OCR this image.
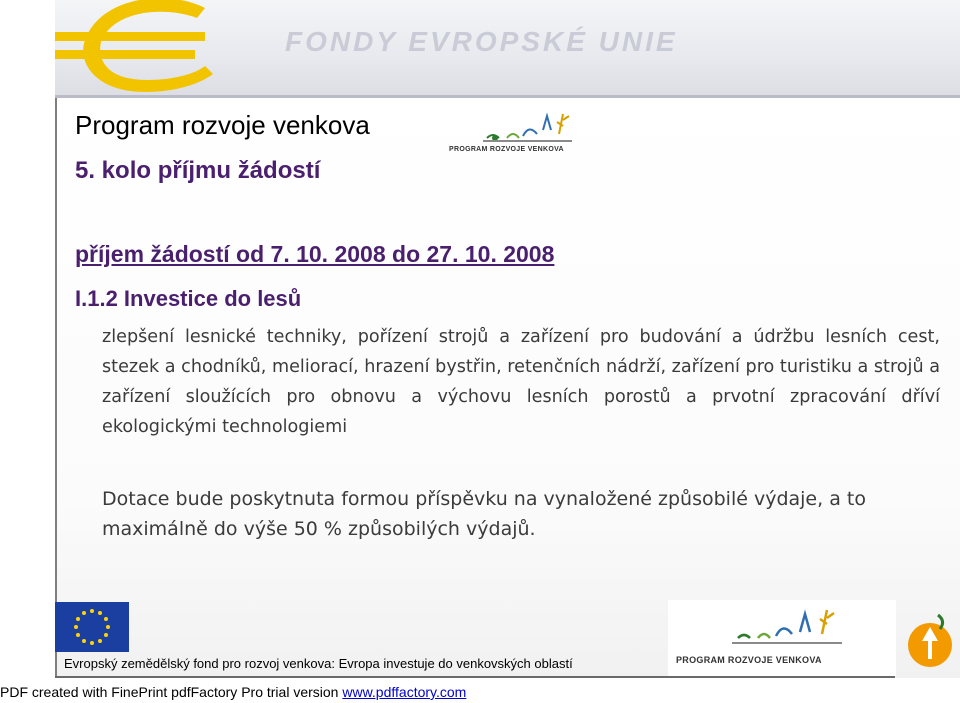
FONDY EVROPSKÉ UNIE
Program rozvoje venkova
5. kolo příjmu žádostí
PROGRAM ROZVOJE VENKOVA
příjem žádostí od 7. 10. 2008 do 27. 10. 2008
I.1.2 Investice do lesů
zlepšení lesnické techniky, pořízení strojů a zařízení pro budování a údržbu lesních cest, stezek a chodníků, meliorací, hrazení bystřin, retenčních nádrží, zařízení pro turistiku a strojů a zařízení sloužících pro obnovu a výchovu lesních porostů a prvotní zpracování dříví ekologickými technologiemi
Dotace bude poskytnuta formou příspěvku na vynaložené způsobilé výdaje, a to maximálně do výše 50 % způsobilých výdajů.
Evropský zemědělský fond pro rozvoj venkova: Evropa investuje do venkovských oblastí	PROGRAM ROZVOJE VENKOVA
PDF created with FinePrint pdfFactory Pro trial version www.pdffactory.com
